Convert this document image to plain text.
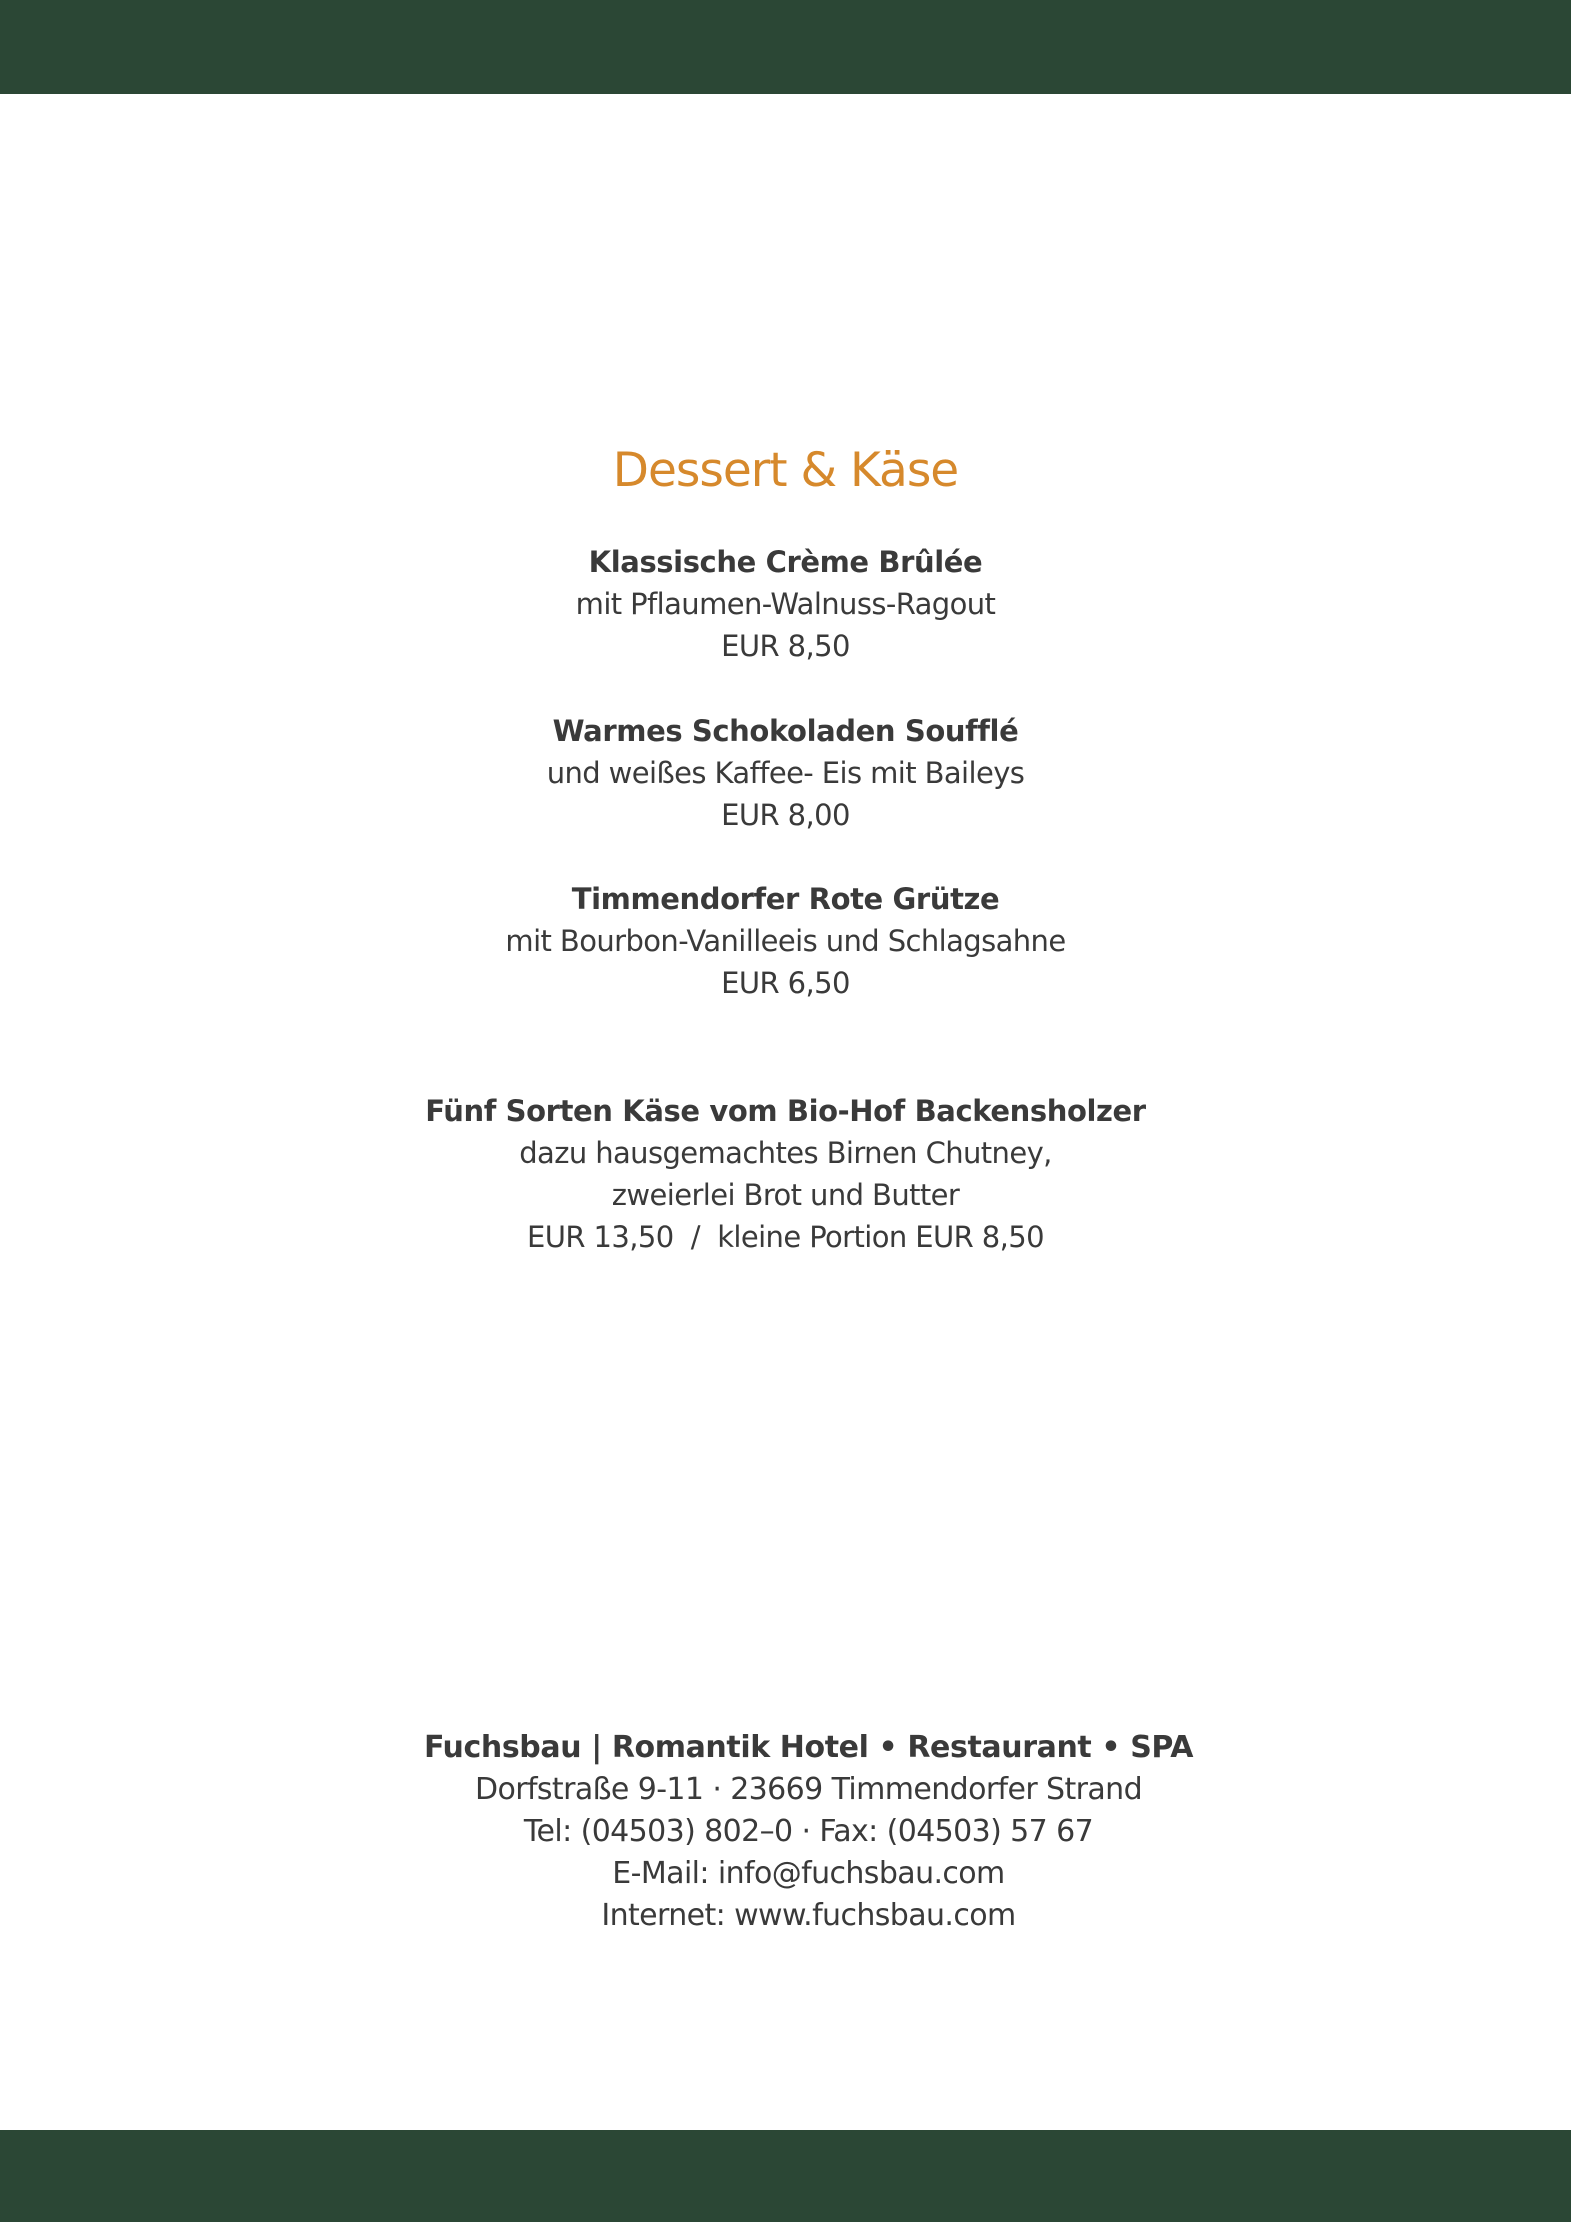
Dessert & Käse
Klassische Crème Brûlée
mit Pflaumen-Walnuss-Ragout
EUR 8,50
Warmes Schokoladen Soufflé
und weißes Kaffee- Eis mit Baileys
EUR 8,00
Timmendorfer Rote Grütze
mit Bourbon-Vanilleeis und Schlagsahne
EUR 6,50
Fünf Sorten Käse vom Bio-Hof Backensholzer
dazu hausgemachtes Birnen Chutney,
zweierlei Brot und Butter
EUR 13,50  /  kleine Portion EUR 8,50
Fuchsbau | Romantik Hotel • Restaurant • SPA
Dorfstraße 9-11 · 23669 Timmendorfer Strand
Tel: (04503) 802–0 · Fax: (04503) 57 67
E-Mail: info@fuchsbau.com
Internet: www.fuchsbau.com
